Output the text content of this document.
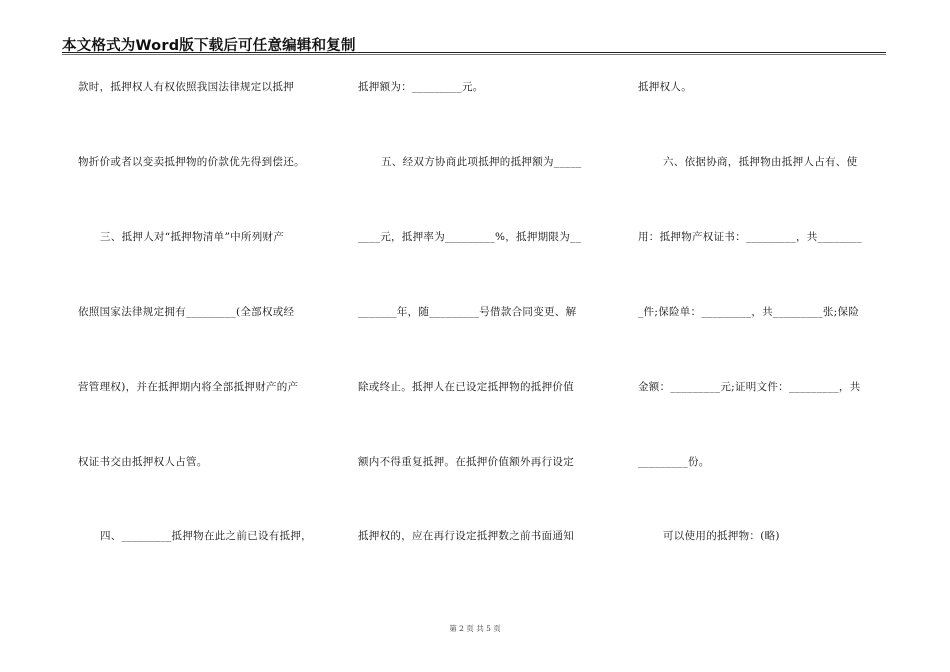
本文格式为Word版下载后可任意编辑和复制
款时，抵押权人有权依照我国法律规定以抵押
物折价或者以变卖抵押物的价款优先得到偿还。
三、抵押人对“抵押物清单”中所列财产
依照国家法律规定拥有_________(全部权或经
营管理权)，并在抵押期内将全部抵押财产的产
权证书交由抵押权人占管。
四、_________抵押物在此之前已设有抵押，
抵押额为：_________元。
五、经双方协商此项抵押的抵押额为_____
____元，抵押率为_________%，抵押期限为__
_______年，随_________号借款合同变更、解
除或终止。抵押人在已设定抵押物的抵押价值
额内不得重复抵押。在抵押价值额外再行设定
抵押权的，应在再行设定抵押数之前书面通知
抵押权人。
六、依据协商，抵押物由抵押人占有、使
用：抵押物产权证书：_________，共________
_件;保险单：_________，共_________张;保险
金额：_________元;证明文件：_________，共
_________份。
可以使用的抵押物：(略)
第 2 页 共 5 页
